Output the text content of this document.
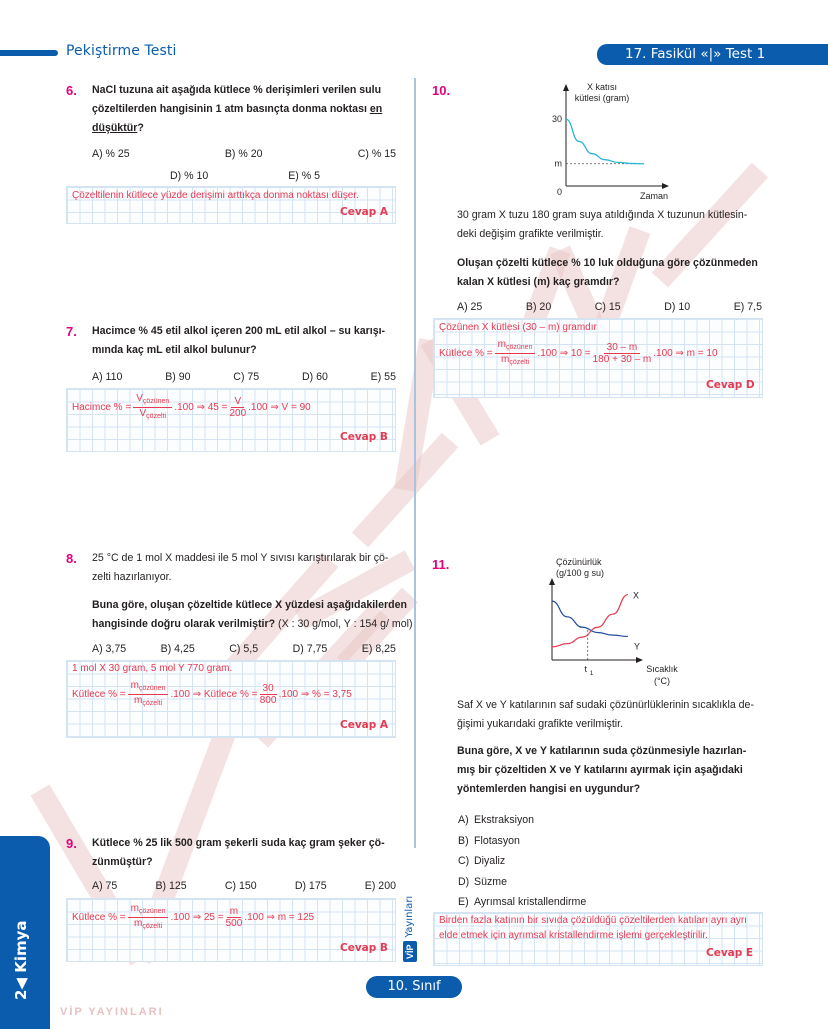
Pekiştirme Testi	17. Fasikül «|» Test 1
6. NaCl tuzuna ait aşağıda kütlece % derişimleri verilen sulu
çözeltilerden hangisinin 1 atm basınçta donma noktası en
düşüktür?
A) % 25	B) % 20	C) % 15
D) % 10	E) % 5
Çözeltilenin kütlece yüzde derişimi arttıkça donma noktası düşer.
Cevap A
7. Hacimce % 45 etil alkol içeren 200 mL etil alkol – su karışı-
mında kaç mL etil alkol bulunur?
A) 110	B) 90	C) 75	D) 60	E) 55
Hacimce % = $\frac{V_{çözünen}}{V_{çözelti}} .100$ ⇒ $45 = \frac{V}{200} .100$ ⇒ V = 90
Cevap B
8. 25 °C de 1 mol X maddesi ile 5 mol Y sıvısı karıştırılarak bir çö-
zelti hazırlanıyor.
Buna göre, oluşan çözeltide kütlece X yüzdesi aşağıdakilerden
hangisinde doğru olarak verilmiştir? (X : 30 g/mol, Y : 154 g/ mol)
A) 3,75	B) 4,25	C) 5,5	D) 7,75	E) 8,25
1 mol X 30 gram, 5 mol Y 770 gram.
Kütlece % = $\frac{m_{çözünen}}{m_{çözelti}} .100$ ⇒ Kütlece % = $\frac{30}{800} .100$ ⇒ % = 3,75
Cevap A
9. Kütlece % 25 lik 500 gram şekerli suda kaç gram şeker çö-
zünmüştür?
A) 75	B) 125	C) 150	D) 175	E) 200
Kütlece % = $\frac{m_{çözünen}}{m_{çözelti}} .100$ ⇒ $25 = \frac{m}{500} .100$ ⇒ m = 125
Cevap B
10.	X katısı
kütlesi (gram)
Zaman
30
m
0
30 gram X tuzu 180 gram suya atıldığında X tuzunun kütlesin-
deki değişim grafikte verilmiştir.
Oluşan çözelti kütlece % 10 luk olduğuna göre çözünmeden
kalan X kütlesi (m) kaç gramdır?
A) 25	B) 20	C) 15	D) 10	E) 7,5
Çözünen X kütlesi (30 – m) gramdır
Kütlece % = $\frac{m_{çözünen}}{m_{çözelti}} .100$ ⇒ $10 = \frac{30 - m}{180 + 30 - m} .100$ ⇒ m = 10
Cevap D
11.	Çözünürlük
(g/100 g su)
Sıcaklık
(°C)
t 1
X
Y
Saf X ve Y katılarının saf sudaki çözünürlüklerinin sıcaklıkla de-
ğişimi yukarıdaki grafikte verilmiştir.
Buna göre, X ve Y katılarının suda çözünmesiyle hazırlan-
mış bir çözeltiden X ve Y katılarını ayırmak için aşağıdaki
yöntemlerden hangisi en uygundur?
A) Ekstraksiyon
B) Flotasyon
C) Diyaliz
D) Süzme
E) Ayrımsal kristallendirme
Birden fazla katının bir sıvıda çözüldüğü çözeltilerden katıları ayrı ayrı
elde etmek için ayrımsal kristallendirme işlemi gerçekleştirilir.
Cevap E
VİP
Yayınları
2◀ Kimya	10. Sınıf
VİP YAYINLARI
